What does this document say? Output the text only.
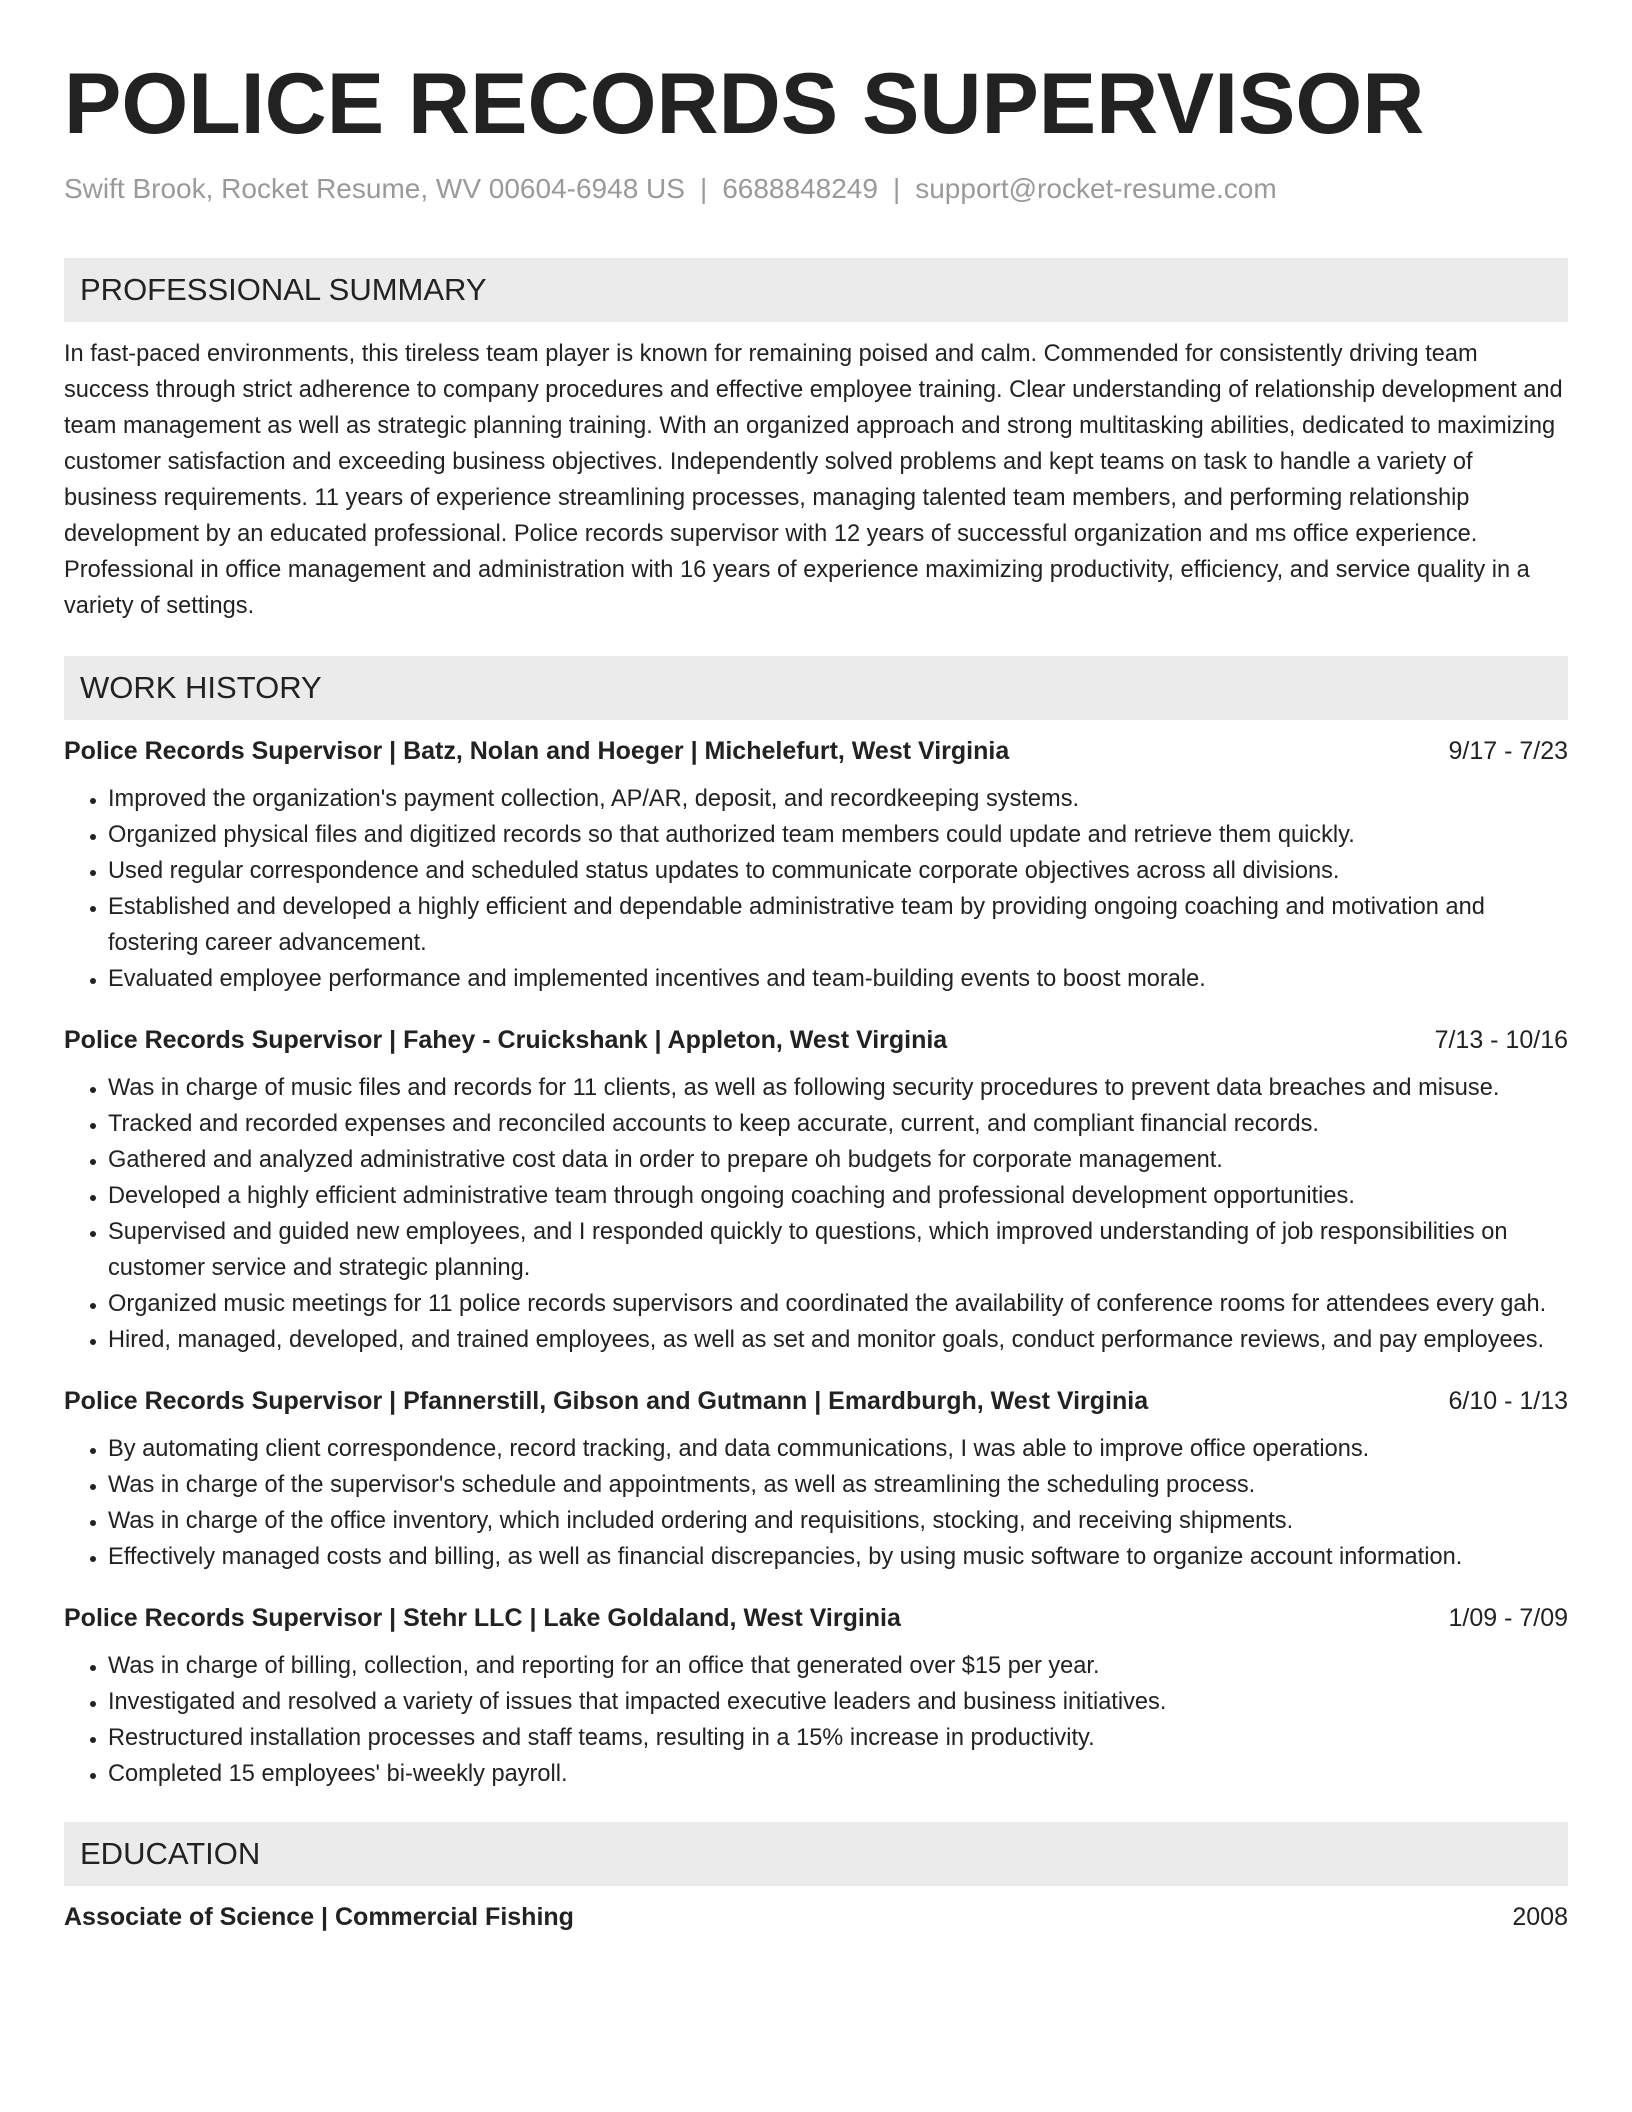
POLICE RECORDS SUPERVISOR
Swift Brook, Rocket Resume, WV 00604-6948 US | 6688848249 | support@rocket-resume.com
PROFESSIONAL SUMMARY

In fast-paced environments, this tireless team player is known for remaining poised and calm. Commended for consistently driving team success through strict adherence to company procedures and effective employee training. Clear understanding of relationship development and team management as well as strategic planning training. With an organized approach and strong multitasking abilities, dedicated to maximizing customer satisfaction and exceeding business objectives. Independently solved problems and kept teams on task to handle a variety of business requirements. 11 years of experience streamlining processes, managing talented team members, and performing relationship development by an educated professional. Police records supervisor with 12 years of successful organization and ms office experience. Professional in office management and administration with 16 years of experience maximizing productivity, efficiency, and service quality in a variety of settings.

WORK HISTORY
Police Records Supervisor | Batz, Nolan and Hoeger | Michelefurt, West Virginia	9/17 - 7/23
• Improved the organization's payment collection, AP/AR, deposit, and recordkeeping systems.
• Organized physical files and digitized records so that authorized team members could update and retrieve them quickly.
• Used regular correspondence and scheduled status updates to communicate corporate objectives across all divisions.
• Established and developed a highly efficient and dependable administrative team by providing ongoing coaching and motivation and fostering career advancement.
• Evaluated employee performance and implemented incentives and team-building events to boost morale.
Police Records Supervisor | Fahey - Cruickshank | Appleton, West Virginia	7/13 - 10/16
• Was in charge of music files and records for 11 clients, as well as following security procedures to prevent data breaches and misuse.
• Tracked and recorded expenses and reconciled accounts to keep accurate, current, and compliant financial records.
• Gathered and analyzed administrative cost data in order to prepare oh budgets for corporate management.
• Developed a highly efficient administrative team through ongoing coaching and professional development opportunities.
• Supervised and guided new employees, and I responded quickly to questions, which improved understanding of job responsibilities on customer service and strategic planning.
• Organized music meetings for 11 police records supervisors and coordinated the availability of conference rooms for attendees every gah.
• Hired, managed, developed, and trained employees, as well as set and monitor goals, conduct performance reviews, and pay employees.
Police Records Supervisor | Pfannerstill, Gibson and Gutmann | Emardburgh, West Virginia	6/10 - 1/13
• By automating client correspondence, record tracking, and data communications, I was able to improve office operations.
• Was in charge of the supervisor's schedule and appointments, as well as streamlining the scheduling process.
• Was in charge of the office inventory, which included ordering and requisitions, stocking, and receiving shipments.
• Effectively managed costs and billing, as well as financial discrepancies, by using music software to organize account information.
Police Records Supervisor | Stehr LLC | Lake Goldaland, West Virginia	1/09 - 7/09
• Was in charge of billing, collection, and reporting for an office that generated over $15 per year.
• Investigated and resolved a variety of issues that impacted executive leaders and business initiatives.
• Restructured installation processes and staff teams, resulting in a 15% increase in productivity.
• Completed 15 employees' bi-weekly payroll.
EDUCATION
Associate of Science | Commercial Fishing	2008
